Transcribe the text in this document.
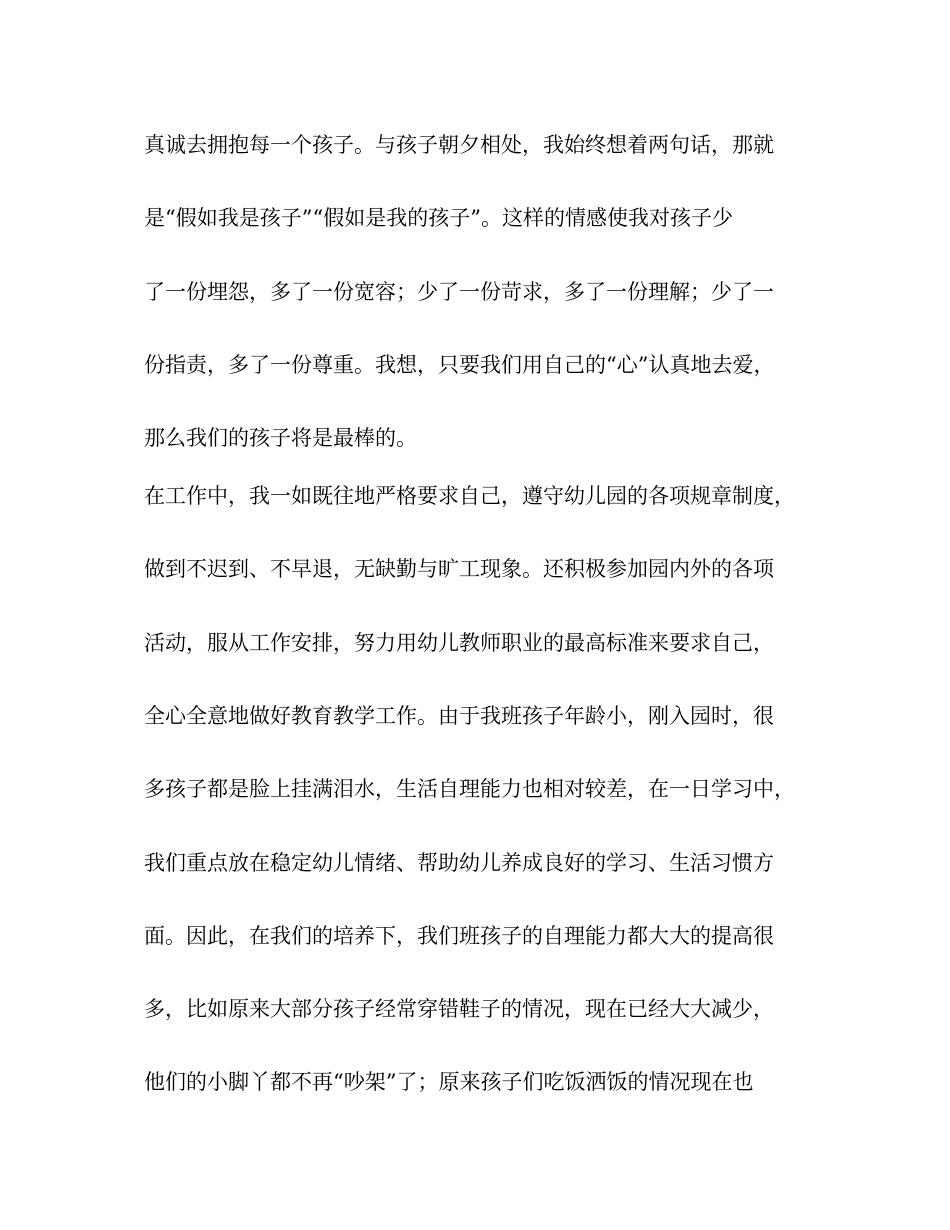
真诚去拥抱每一个孩子。与孩子朝夕相处，我始终想着两句话，那就

是“假如我是孩子”“假如是我的孩子”。这样的情感使我对孩子少

了一份埋怨，多了一份宽容；少了一份苛求，多了一份理解；少了一

份指责，多了一份尊重。我想，只要我们用自己的“心”认真地去爱，

那么我们的孩子将是最棒的。

在工作中，我一如既往地严格要求自己，遵守幼儿园的各项规章制度，

做到不迟到、不早退，无缺勤与旷工现象。还积极参加园内外的各项

活动，服从工作安排，努力用幼儿教师职业的最高标准来要求自己，

全心全意地做好教育教学工作。由于我班孩子年龄小，刚入园时，很

多孩子都是脸上挂满泪水，生活自理能力也相对较差，在一日学习中，

我们重点放在稳定幼儿情绪、帮助幼儿养成良好的学习、生活习惯方

面。因此，在我们的培养下，我们班孩子的自理能力都大大的提高很

多，比如原来大部分孩子经常穿错鞋子的情况，现在已经大大减少，

他们的小脚丫都不再“吵架”了；原来孩子们吃饭洒饭的情况现在也
